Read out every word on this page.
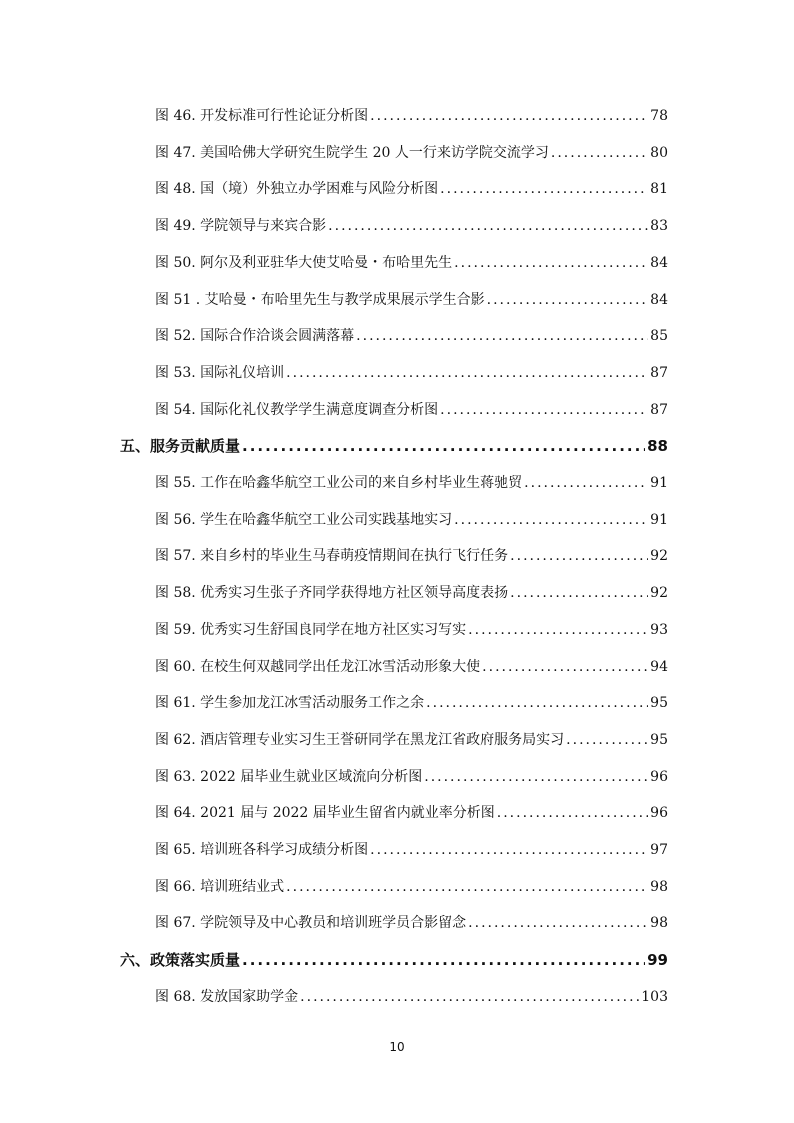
图 46. 开发标准可行性论证分析图 .....	78
图 47. 美国哈佛大学研究生院学生 20 人一行来访学院交流学习 .....	80
图 48. 国（境）外独立办学困难与风险分析图 .....	81
图 49. 学院领导与来宾合影 .....	83
图 50. 阿尔及利亚驻华大使艾哈曼・布哈里先生 .....	84
图 51 . 艾哈曼・布哈里先生与教学成果展示学生合影 .....	84
图 52. 国际合作洽谈会圆满落幕 .....	85
图 53. 国际礼仪培训 .....	87
图 54. 国际化礼仪教学学生满意度调查分析图 .....	87
五、服务贡献质量 .....	88
图 55. 工作在哈鑫华航空工业公司的来自乡村毕业生蒋驰贸 .....	91
图 56. 学生在哈鑫华航空工业公司实践基地实习 .....	91
图 57. 来自乡村的毕业生马春萌疫情期间在执行飞行任务 .....	92
图 58. 优秀实习生张子齐同学获得地方社区领导高度表扬 .....	92
图 59. 优秀实习生舒国良同学在地方社区实习写实 .....	93
图 60. 在校生何双越同学出任龙江冰雪活动形象大使 .....	94
图 61. 学生参加龙江冰雪活动服务工作之余 .....	95
图 62. 酒店管理专业实习生王誉研同学在黑龙江省政府服务局实习 .....	95
图 63. 2022 届毕业生就业区域流向分析图 .....	96
图 64. 2021 届与 2022 届毕业生留省内就业率分析图 .....	96
图 65. 培训班各科学习成绩分析图 .....	97
图 66. 培训班结业式 .....	98
图 67. 学院领导及中心教员和培训班学员合影留念 .....	98
六、政策落实质量 .....	99
图 68. 发放国家助学金 .....	103
10
